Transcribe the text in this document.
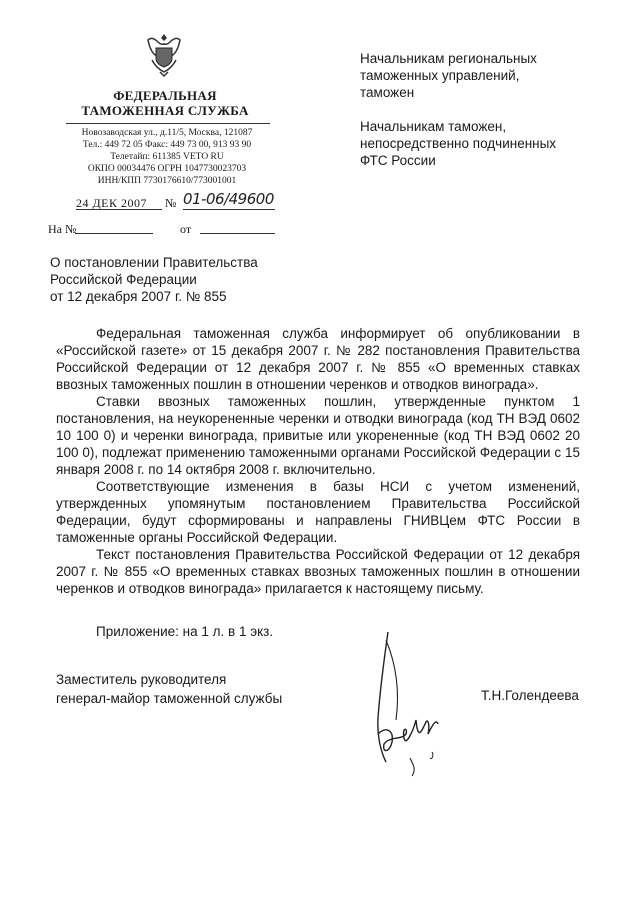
ФЕДЕРАЛЬНАЯ
ТАМОЖЕННАЯ СЛУЖБА
Новозаводская ул., д.11/5, Москва, 121087
Тел.: 449 72 05 Факс: 449 73 00, 913 93 90
Телетайп: 611385 VETO RU
ОКПО 00034476 ОГРН 1047730023703
ИНН/КПП 7730176610/773001001
24 ДЕК 2007 № 01-06/49600
На №	от
Начальникам региональных
таможенных управлений,
таможен
Начальникам таможен,
непосредственно подчиненных
ФТС России
О постановлении Правительства
Российской Федерации
от 12 декабря 2007 г. № 855

Федеральная таможенная служба информирует об опубликовании в «Российской газете» от 15 декабря 2007 г. № 282 постановления Правительства Российской Федерации от 12 декабря 2007 г. № 855 «О временных ставках ввозных таможенных пошлин в отношении черенков и отводков винограда».

Ставки ввозных таможенных пошлин, утвержденные пунктом 1 постановления, на неукорененные черенки и отводки винограда (код ТН ВЭД 0602 10 100 0) и черенки винограда, привитые или укорененные (код ТН ВЭД 0602 20 100 0), подлежат применению таможенными органами Российской Федерации с 15 января 2008 г. по 14 октября 2008 г. включительно.

Соответствующие изменения в базы НСИ с учетом изменений, утвержденных упомянутым постановлением Правительства Российской Федерации, будут сформированы и направлены ГНИВЦем ФТС России в таможенные органы Российской Федерации.

Текст постановления Правительства Российской Федерации от 12 декабря 2007 г. № 855 «О временных ставках ввозных таможенных пошлин в отношении черенков и отводков винограда» прилагается к настоящему письму.

Приложение: на 1 л. в 1 экз.
Заместитель руководителя
генерал-майор таможенной службы	Т.Н.Голендеева
